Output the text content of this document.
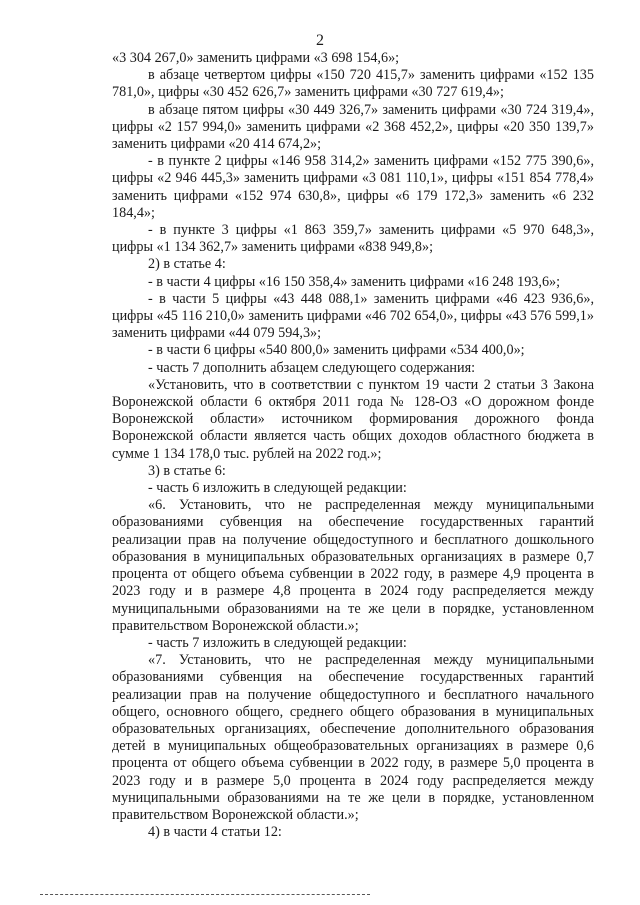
2

«3 304 267,0» заменить цифрами «3 698 154,6»;

в абзаце четвертом цифры «150 720 415,7» заменить цифрами «152 135 781,0», цифры «30 452 626,7» заменить цифрами «30 727 619,4»;

в абзаце пятом цифры «30 449 326,7» заменить цифрами «30 724 319,4», цифры «2 157 994,0» заменить цифрами «2 368 452,2», цифры «20 350 139,7» заменить цифрами «20 414 674,2»;

- в пункте 2 цифры «146 958 314,2» заменить цифрами «152 775 390,6», цифры «2 946 445,3» заменить цифрами «3 081 110,1», цифры «151 854 778,4» заменить цифрами «152 974 630,8», цифры «6 179 172,3» заменить «6 232 184,4»;

- в пункте 3 цифры «1 863 359,7» заменить цифрами «5 970 648,3», цифры «1 134 362,7» заменить цифрами «838 949,8»;

2) в статье 4:

- в части 4 цифры «16 150 358,4» заменить цифрами «16 248 193,6»;

- в части 5 цифры «43 448 088,1» заменить цифрами «46 423 936,6», цифры «45 116 210,0» заменить цифрами «46 702 654,0», цифры «43 576 599,1» заменить цифрами «44 079 594,3»;

- в части 6 цифры «540 800,0» заменить цифрами «534 400,0»;

- часть 7 дополнить абзацем следующего содержания:

«Установить, что в соответствии с пунктом 19 части 2 статьи 3 Закона Воронежской области 6 октября 2011 года № 128-ОЗ «О дорожном фонде Воронежской области» источником формирования дорожного фонда Воронежской области является часть общих доходов областного бюджета в сумме 1 134 178,0 тыс. рублей на 2022 год.»;

3) в статье 6:

- часть 6 изложить в следующей редакции:

«6. Установить, что не распределенная между муниципальными образованиями субвенция на обеспечение государственных гарантий реализации прав на получение общедоступного и бесплатного дошкольного образования в муниципальных образовательных организациях в размере 0,7 процента от общего объема субвенции в 2022 году, в размере 4,9 процента в 2023 году и в размере 4,8 процента в 2024 году распределяется между муниципальными образованиями на те же цели в порядке, установленном правительством Воронежской области.»;

- часть 7 изложить в следующей редакции:

«7. Установить, что не распределенная между муниципальными образованиями субвенция на обеспечение государственных гарантий реализации прав на получение общедоступного и бесплатного начального общего, основного общего, среднего общего образования в муниципальных образовательных организациях, обеспечение дополнительного образования детей в муниципальных общеобразовательных организациях в размере 0,6 процента от общего объема субвенции в 2022 году, в размере 5,0 процента в 2023 году и в размере 5,0 процента в 2024 году распределяется между муниципальными образованиями на те же цели в порядке, установленном правительством Воронежской области.»;

4) в части 4 статьи 12:
